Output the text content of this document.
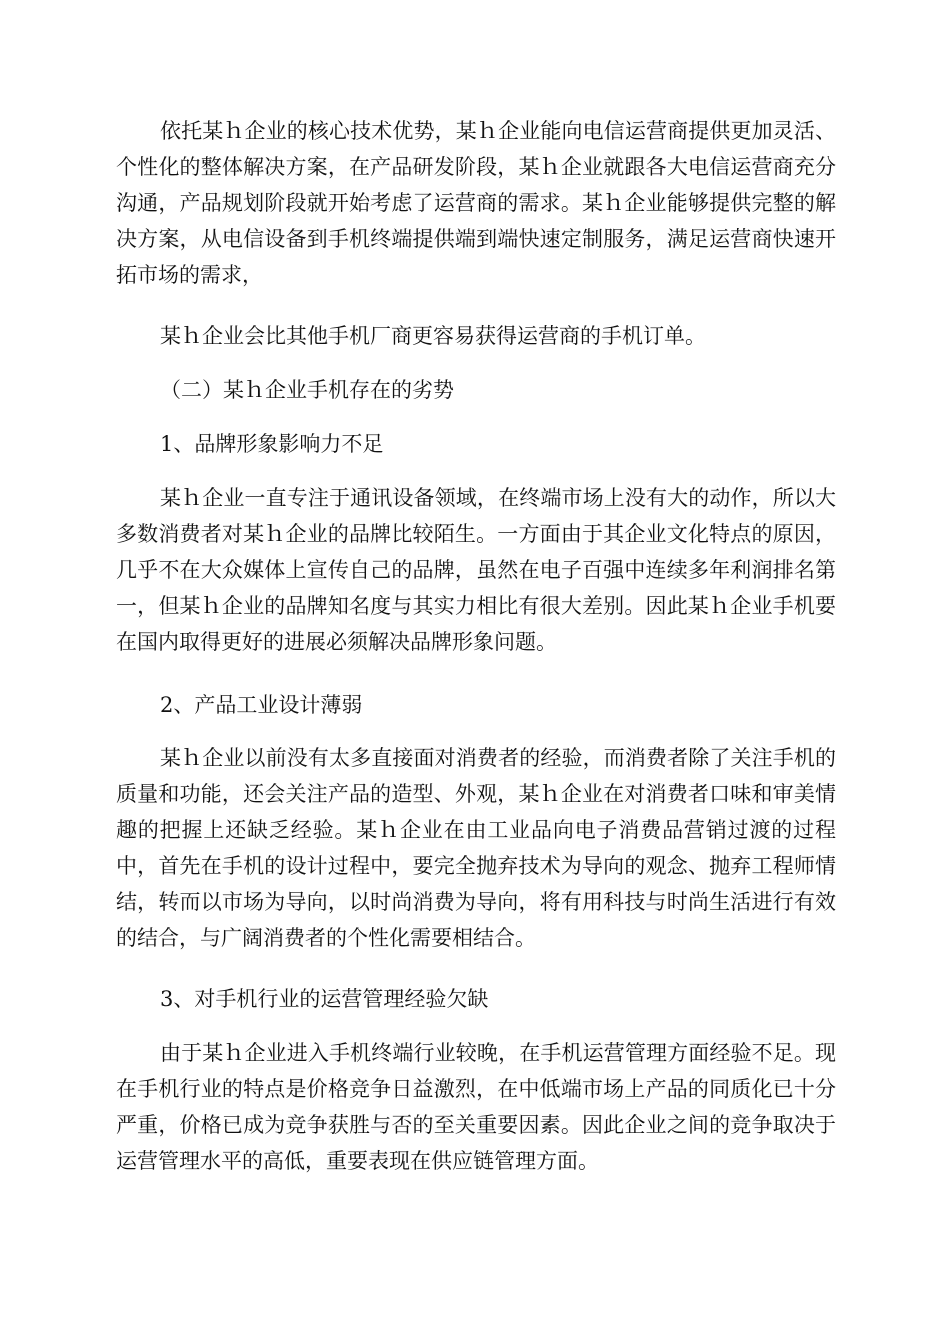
依托某ｈ企业的核心技术优势，某ｈ企业能向电信运营商提供更加灵活、个性化的整体解决方案，在产品研发阶段，某ｈ企业就跟各大电信运营商充分沟通，产品规划阶段就开始考虑了运营商的需求。某ｈ企业能够提供完整的解决方案，从电信设备到手机终端提供端到端快速定制服务，满足运营商快速开拓市场的需求，

某ｈ企业会比其他手机厂商更容易获得运营商的手机订单。

（二）某ｈ企业手机存在的劣势

1、品牌形象影响力不足

某ｈ企业一直专注于通讯设备领域，在终端市场上没有大的动作，所以大多数消费者对某ｈ企业的品牌比较陌生。一方面由于其企业文化特点的原因，几乎不在大众媒体上宣传自己的品牌，虽然在电子百强中连续多年利润排名第一，但某ｈ企业的品牌知名度与其实力相比有很大差别。因此某ｈ企业手机要在国内取得更好的进展必须解决品牌形象问题。

2、产品工业设计薄弱

某ｈ企业以前没有太多直接面对消费者的经验，而消费者除了关注手机的质量和功能，还会关注产品的造型、外观，某ｈ企业在对消费者口味和审美情趣的把握上还缺乏经验。某ｈ企业在由工业品向电子消费品营销过渡的过程中，首先在手机的设计过程中，要完全抛弃技术为导向的观念、抛弃工程师情结，转而以市场为导向，以时尚消费为导向，将有用科技与时尚生活进行有效的结合，与广阔消费者的个性化需要相结合。

3、对手机行业的运营管理经验欠缺

由于某ｈ企业进入手机终端行业较晚，在手机运营管理方面经验不足。现在手机行业的特点是价格竞争日益激烈，在中低端市场上产品的同质化已十分严重，价格已成为竞争获胜与否的至关重要因素。因此企业之间的竞争取决于运营管理水平的高低，重要表现在供应链管理方面。
